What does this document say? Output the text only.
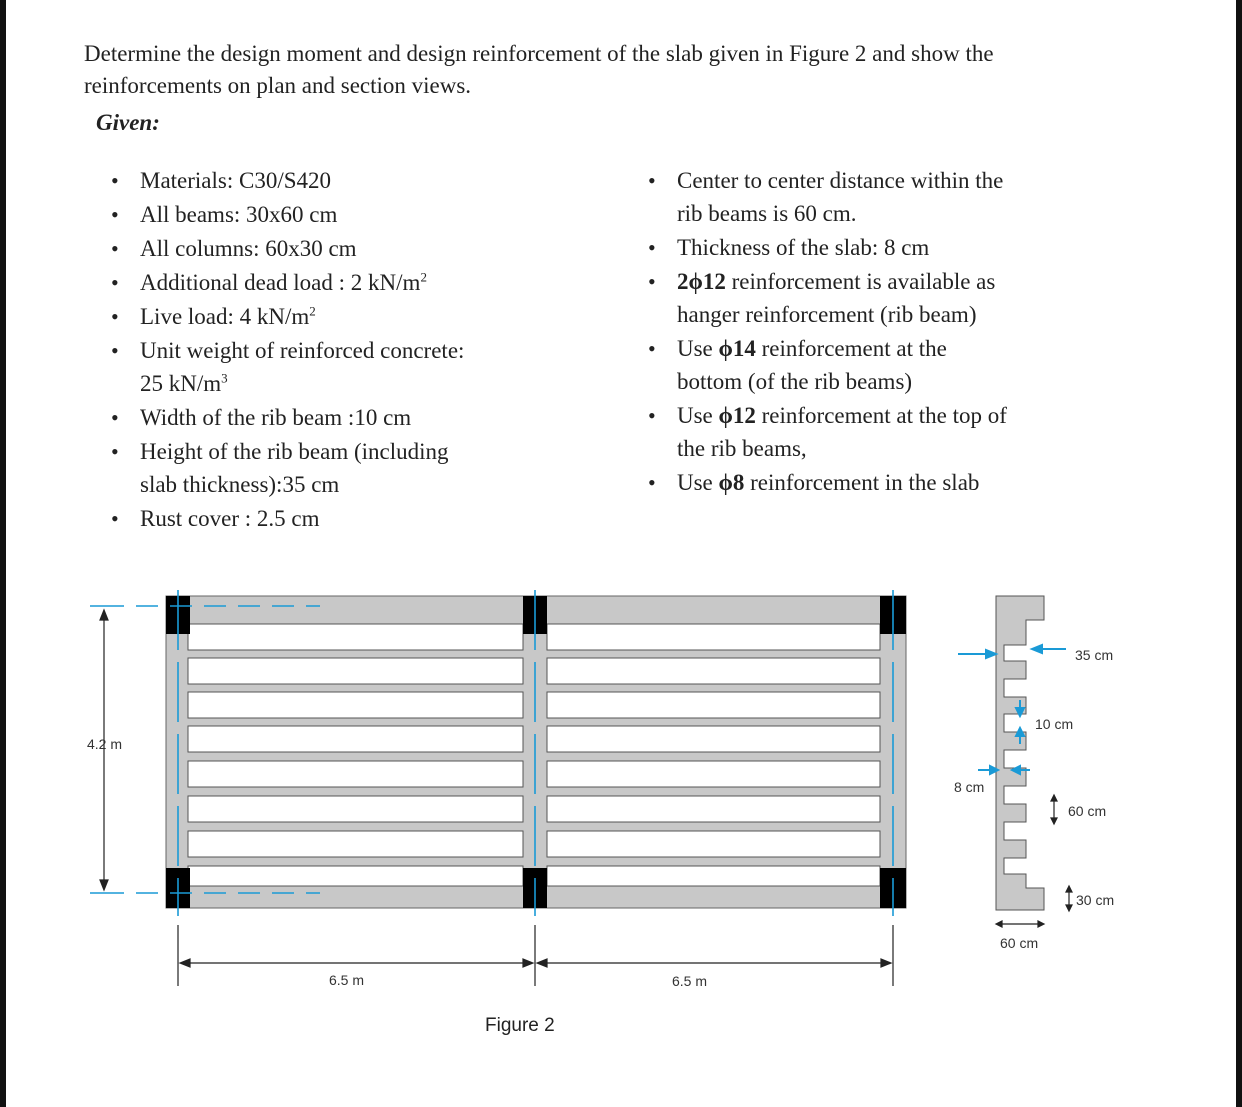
Determine the design moment and design reinforcement of the slab given in Figure 2 and show the
reinforcements on plan and section views.
Given:
• Materials: C30/S420
• All beams: 30x60 cm
• All columns: 60x30 cm
• Additional dead load : 2 $kN/m^2$
• Live load: 4 $kN/m^2$
• Unit weight of reinforced concrete:
25 $kN/m^3$
• Width of the rib beam :10 cm
• Height of the rib beam (including
slab thickness):35 cm
• Rust cover : 2.5 cm
• Center to center distance within the
rib beams is 60 cm.
• Thickness of the slab: 8 cm
• 2ϕ12 reinforcement is available as
hanger reinforcement (rib beam)
• Use ϕ14 reinforcement at the
bottom (of the rib beams)
• Use ϕ12 reinforcement at the top of
the rib beams,
• Use ϕ8 reinforcement in the slab
4.2 m
6.5 m	6.5 m
35 cm
10 cm
8 cm
60 cm
30 cm
60 cm
Figure 2
